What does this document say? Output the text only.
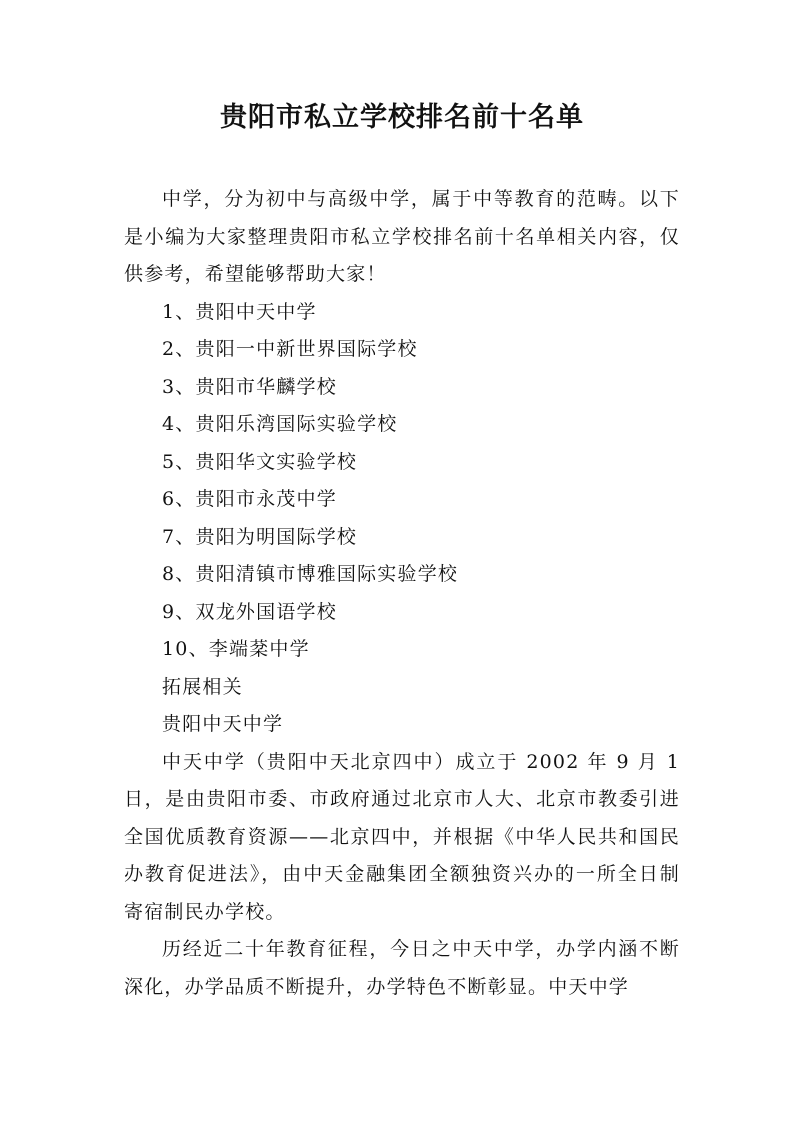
贵阳市私立学校排名前十名单

中学，分为初中与高级中学，属于中等教育的范畴。以下是小编为大家整理贵阳市私立学校排名前十名单相关内容，仅供参考，希望能够帮助大家！

1、贵阳中天中学

2、贵阳一中新世界国际学校

3、贵阳市华麟学校

4、贵阳乐湾国际实验学校

5、贵阳华文实验学校

6、贵阳市永茂中学

7、贵阳为明国际学校

8、贵阳清镇市博雅国际实验学校

9、双龙外国语学校

10、李端棻中学

拓展相关

贵阳中天中学

中天中学（贵阳中天北京四中）成立于 2002 年 9 月 1 日，是由贵阳市委、市政府通过北京市人大、北京市教委引进全国优质教育资源——北京四中，并根据《中华人民共和国民办教育促进法》，由中天金融集团全额独资兴办的一所全日制寄宿制民办学校。

历经近二十年教育征程，今日之中天中学，办学内涵不断深化，办学品质不断提升，办学特色不断彰显。中天中学
